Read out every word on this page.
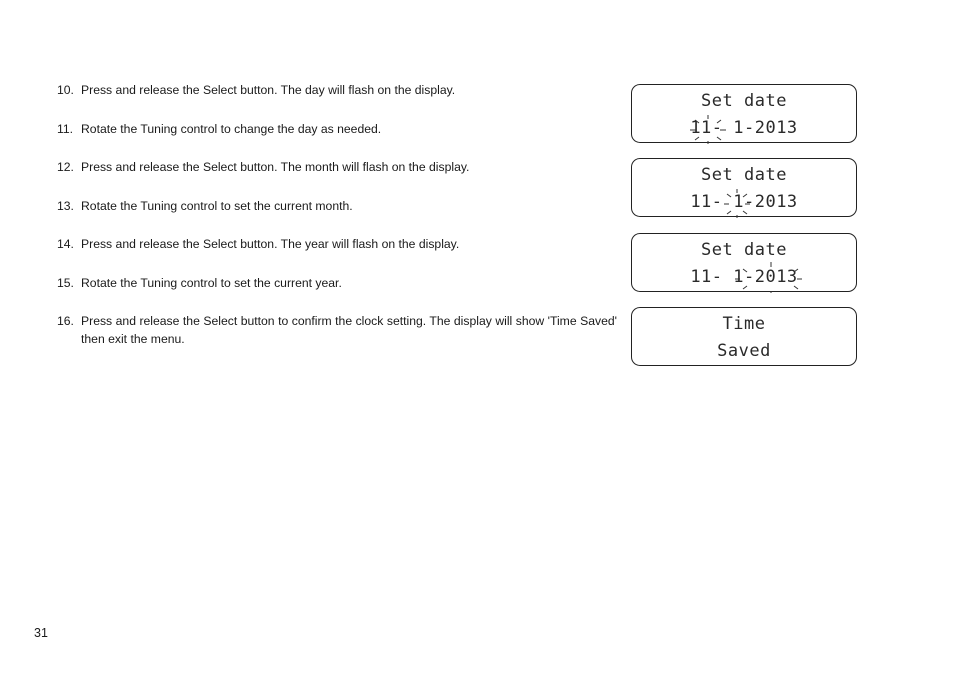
10. Press and release the Select button. The day will flash on the display.
11. Rotate the Tuning control to change the day as needed.
12. Press and release the Select button. The month will flash on the display.
13. Rotate the Tuning control to set the current month.
14. Press and release the Select button. The year will flash on the display.
15. Rotate the Tuning control to set the current year.
16. Press and release the Select button to confirm the clock setting. The display will show 'Time Saved' then exit the menu.
Set date
11- 1-2013
Set date
11- 1-2013
Set date
11- 1-2013
Time
Saved
31
